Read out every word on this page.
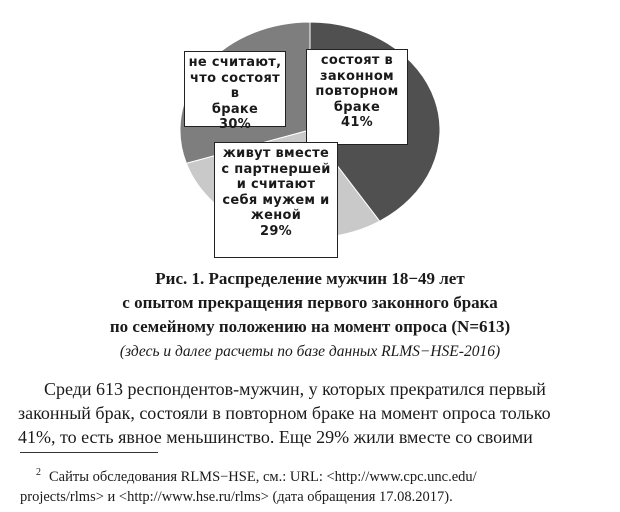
не считают,
что состоят в
браке
30%
состоят в
законном
повторном
браке
41%
живут вместе
с партнершей
и считают
себя мужем и
женой
29%
Рис. 1. Распределение мужчин 18−49 лет
с опытом прекращения первого законного брака
по семейному положению на момент опроса (N=613)
(здесь и далее расчеты по базе данных RLMS−HSE-2016)
Среди 613 респондентов-мужчин, у которых прекратился первый
законный брак, состояли в повторном браке на момент опроса только
41%, то есть явное меньшинство. Еще 29% жили вместе со своими
$^2$ Сайты обследования RLMS−HSE, см.: URL: <http://www.cpc.unc.edu/
projects/rlms> и <http://www.hse.ru/rlms> (дата обращения 17.08.2017).
